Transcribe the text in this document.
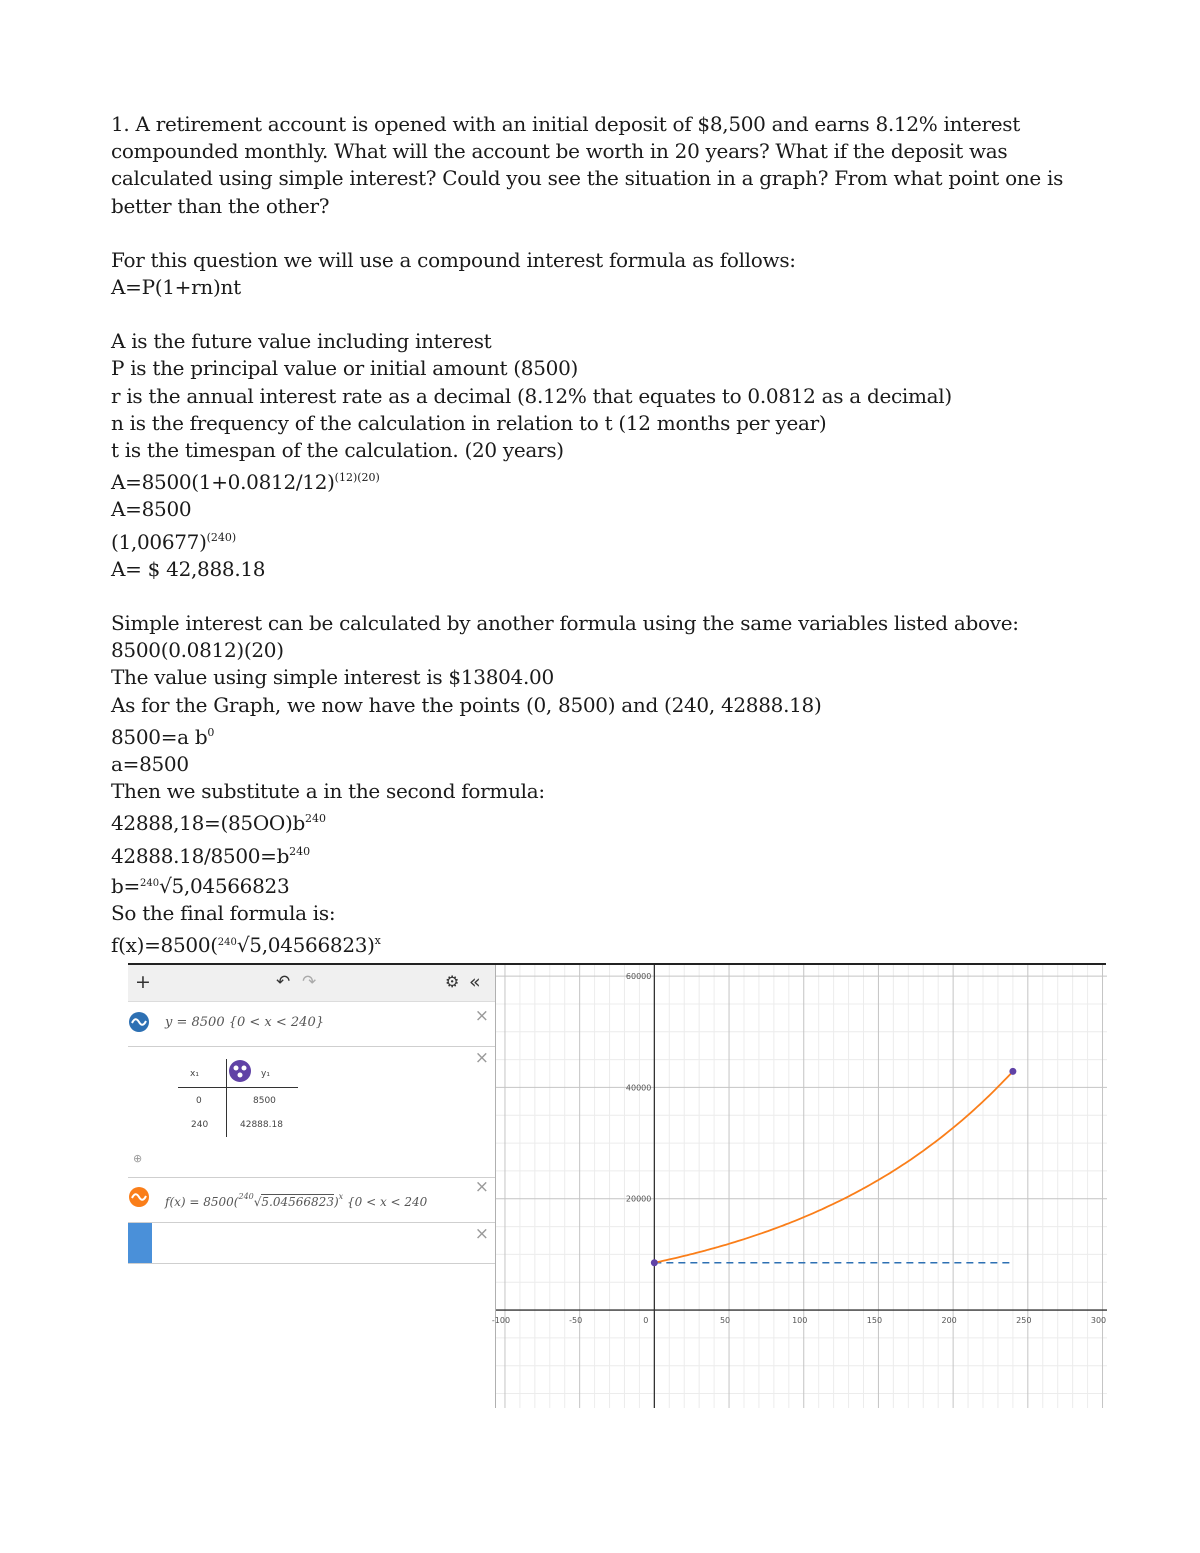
1. A retirement account is opened with an initial deposit of $8,500 and earns 8.12% interest compounded monthly. What will the account be worth in 20 years? What if the deposit was calculated using simple interest? Could you see the situation in a graph? From what point one is better than the other?

For this question we will use a compound interest formula as follows:

A=P(1+rn)nt

A is the future value including interest

P is the principal value or initial amount (8500)

r is the annual interest rate as a decimal (8.12% that equates to 0.0812 as a decimal)

n is the frequency of the calculation in relation to t (12 months per year)

t is the timespan of the calculation. (20 years)

$A=8500(1+0.0812/12)^{(12)(20)}$

A=8500

$(1,00677)^{(240)}$

A= $ 42,888.18

Simple interest can be calculated by another formula using the same variables listed above:

8500(0.0812)(20)

The value using simple interest is $13804.00

As for the Graph, we now have the points (0, 8500) and (240, 42888.18)

8500=a $b^0$

a=8500

Then we substitute a in the second formula:

$42888,18=(85OO)b^{240}$

$42888.18/8500=b^{240}$

b=$^{240}$√5,04566823

So the final formula is:

$f(x)=8500(^{240}√5,04566823)^x$

+	↶ ↷	⚙ «
y = 8500 {0 < x < 240}	×
×
⊕
x₁	y₁
0	8500
240	42888.18
$f(x) = 8500(^{240}√5.04566823)^x$ {0 < x < 240
×
×
-100	-50	0	50	100	150	200	250	300
20000
40000
60000
